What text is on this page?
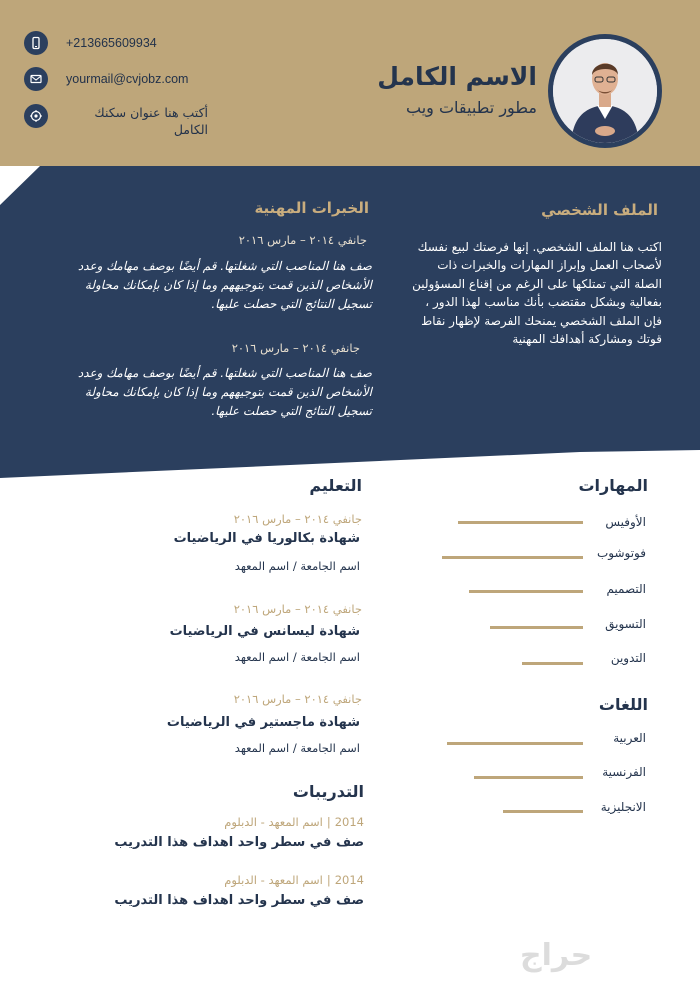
+213665609934
yourmail@cvjobz.com
أكتب هنا عنوان سكنك الكامل
الاسم الكامل
مطور تطبيقات ويب
الملف الشخصي
اكتب هنا الملف الشخصي. إنها فرصتك لبيع نفسك لأصحاب العمل وإبراز المهارات والخبرات ذات الصلة التي تمتلكها على الرغم من إقناع المسؤولين بفعالية وبشكل مقتضب بأنك مناسب لهذا الدور ، فإن الملف الشخصي يمنحك الفرصة لإظهار نقاط قوتك ومشاركة أهدافك المهنية
الخبرات المهنية
جانفي ٢٠١٤ – مارس ٢٠١٦
صف هنا المناصب التي شغلتها. قم أيضًا بوصف مهامك وعدد الأشخاص الذين قمت بتوجيههم وما إذا كان بإمكانك محاولة تسجيل النتائج التي حصلت عليها.
جانفي ٢٠١٤ – مارس ٢٠١٦
صف هنا المناصب التي شغلتها. قم أيضًا بوصف مهامك وعدد الأشخاص الذين قمت بتوجيههم وما إذا كان بإمكانك محاولة تسجيل النتائج التي حصلت عليها.
المهارات
الأوفيس
فوتوشوب
التصميم
التسويق
التدوين
اللغات
العربية
الفرنسية
الانجليزية
التعليم
جانفي ٢٠١٤ – مارس ٢٠١٦
شهادة بكالوريا في الرياضيات
اسم الجامعة / اسم المعهد
جانفي ٢٠١٤ – مارس ٢٠١٦
شهادة ليسانس في الرياضيات
اسم الجامعة / اسم المعهد
جانفي ٢٠١٤ – مارس ٢٠١٦
شهادة ماجستير في الرياضيات
اسم الجامعة / اسم المعهد
التدريبات
اسم المعهد - الدبلوم | 2014
صف في سطر واحد اهداف هذا التدريب
اسم المعهد - الدبلوم | 2014
صف في سطر واحد اهداف هذا التدريب
حراج
